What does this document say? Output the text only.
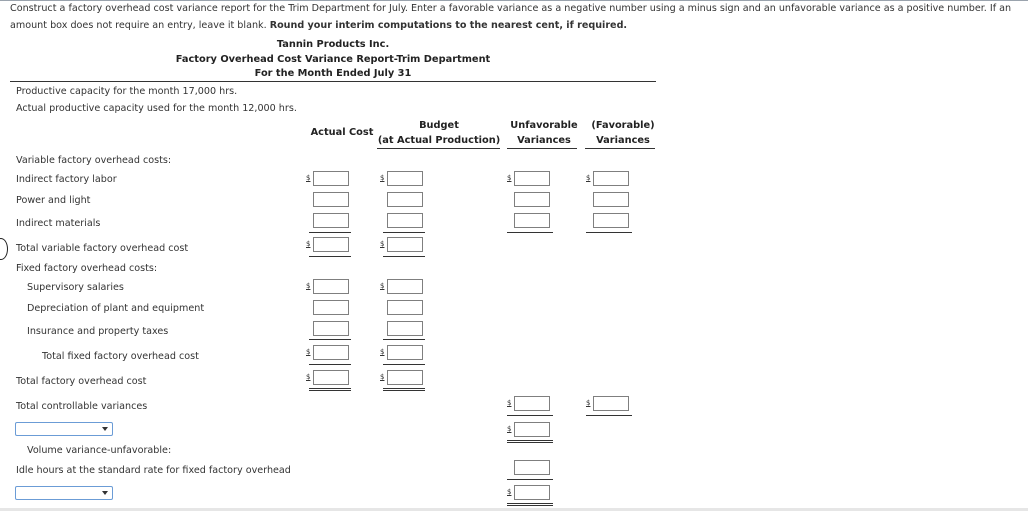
Construct a factory overhead cost variance report for the Trim Department for July. Enter a favorable variance as a negative number using a minus sign and an unfavorable variance as a positive number. If an amount box does not require an entry, leave it blank. Round your interim computations to the nearest cent, if required.
Tannin Products Inc.
Factory Overhead Cost Variance Report-Trim Department
For the Month Ended July 31
Productive capacity for the month 17,000 hrs.
Actual productive capacity used for the month 12,000 hrs.
Actual Cost
Budget
(at Actual Production)
Unfavorable
Variances
(Favorable)
Variances
Variable factory overhead costs:
Indirect factory labor
Power and light
Indirect materials
Total variable factory overhead cost
Fixed factory overhead costs:
Supervisory salaries
Depreciation of plant and equipment
Insurance and property taxes
Total fixed factory overhead cost
Total factory overhead cost
Total controllable variances
Volume variance-unfavorable:
Idle hours at the standard rate for fixed factory overhead
$
$
$
$
$
$
$
$
$
$
$
$
$
$
$
$
